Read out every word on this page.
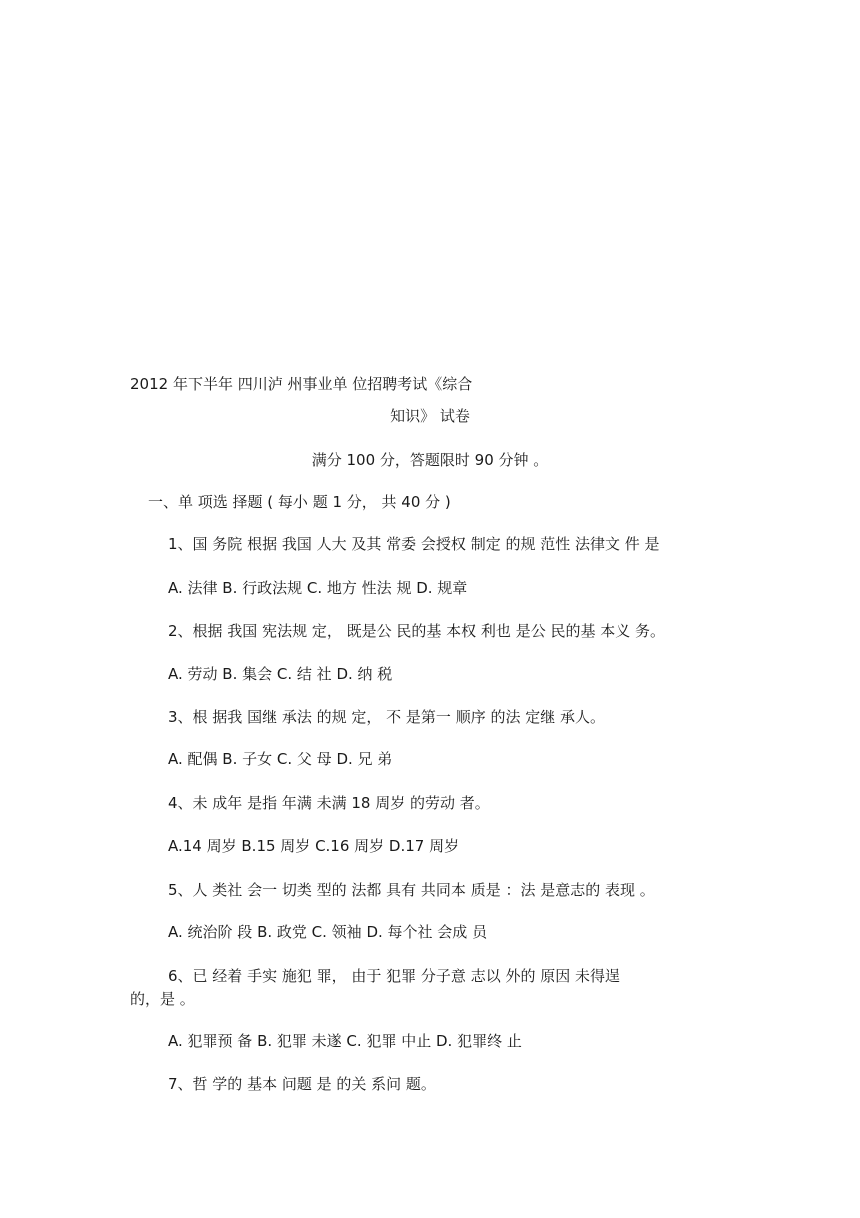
2012 年下半年 四川泸 州事业单 位招聘考试《综合
知识》 试卷
满分 100 分，答题限时 90 分钟 。
一、单 项选 择题 ( 每小 题 1 分， 共 40 分 )
1、国 务院 根据 我国 人大 及其 常委 会授权 制定 的规 范性 法律文 件 是
A. 法律 B. 行政法规 C. 地方 性法 规 D. 规章
2、根据 我国 宪法规 定， 既是公 民的基 本权 利也 是公 民的基 本义 务。
A. 劳动 B. 集会 C. 结 社 D. 纳 税
3、根 据我 国继 承法 的规 定， 不 是第一 顺序 的法 定继 承人。
A. 配偶 B. 子女 C. 父 母 D. 兄 弟
4、未 成年 是指 年满 未满 18 周岁 的劳动 者。
A.14 周岁 B.15 周岁 C.16 周岁 D.17 周岁
5、人 类社 会一 切类 型的 法都 具有 共同本 质是 ：法 是意志的 表现 。
A. 统治阶 段 B. 政党 C. 领袖 D. 每个社 会成 员
6、已 经着 手实 施犯 罪， 由于 犯罪 分子意 志以 外的 原因 未得逞
的，是 。
A. 犯罪预 备 B. 犯罪 未遂 C. 犯罪 中止 D. 犯罪终 止
7、哲 学的 基本 问题 是 的关 系问 题。
